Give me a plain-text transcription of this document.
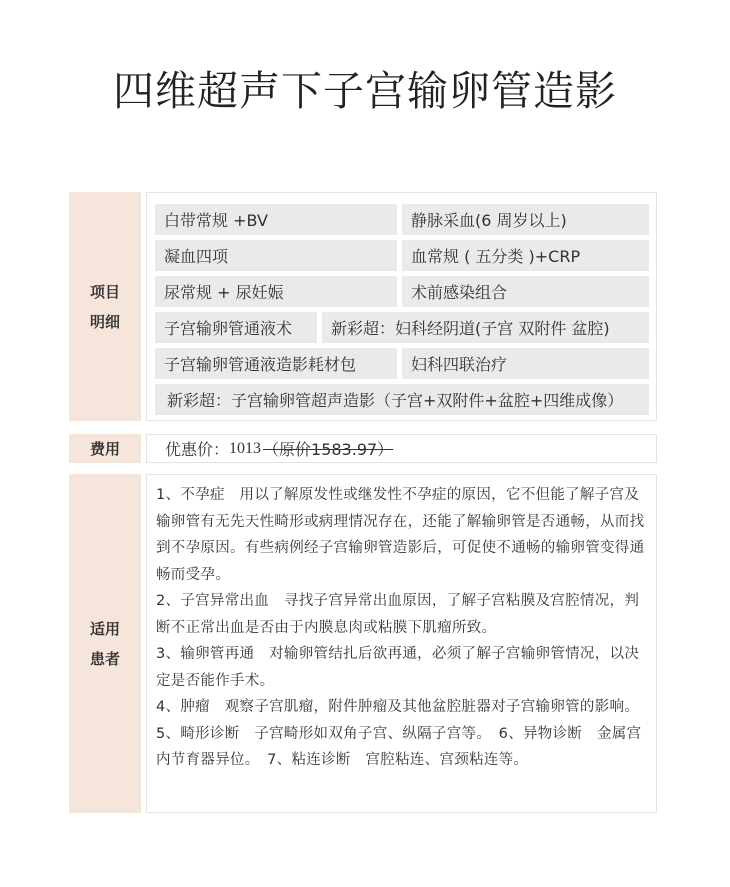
四维超声下子宫输卵管造影
项目
明细
白带常规 +BV	静脉采血(6 周岁以上)
凝血四项	血常规 ( 五分类 )+CRP
尿常规 + 尿妊娠	术前感染组合
子宫输卵管通液术	新彩超：妇科经阴道(子宫 双附件 盆腔)
子宫输卵管通液造影耗材包	妇科四联治疗
新彩超：子宫输卵管超声造影（子宫+双附件+盆腔+四维成像）
费用	优惠价： 1013 （原价1583.97）
适用
患者

1、不孕症　用以了解原发性或继发性不孕症的原因，它不但能了解子宫及输卵管有无先天性畸形或病理情况存在，还能了解输卵管是否通畅，从而找到不孕原因。有些病例经子宫输卵管造影后，可促使不通畅的输卵管变得通畅而受孕。

2、子宫异常出血　寻找子宫异常出血原因，了解子宫粘膜及宫腔情况，判断不正常出血是否由于内膜息肉或粘膜下肌瘤所致。

3、输卵管再通　对输卵管结扎后欲再通，必须了解子宫输卵管情况，以决定是否能作手术。

4、肿瘤　观察子宫肌瘤，附件肿瘤及其他盆腔脏器对子宫输卵管的影响。

5、畸形诊断　子宫畸形如双角子宫、纵隔子宫等。　6、异物诊断　金属宫内节育器异位。　7、粘连诊断　宫腔粘连、宫颈粘连等。
